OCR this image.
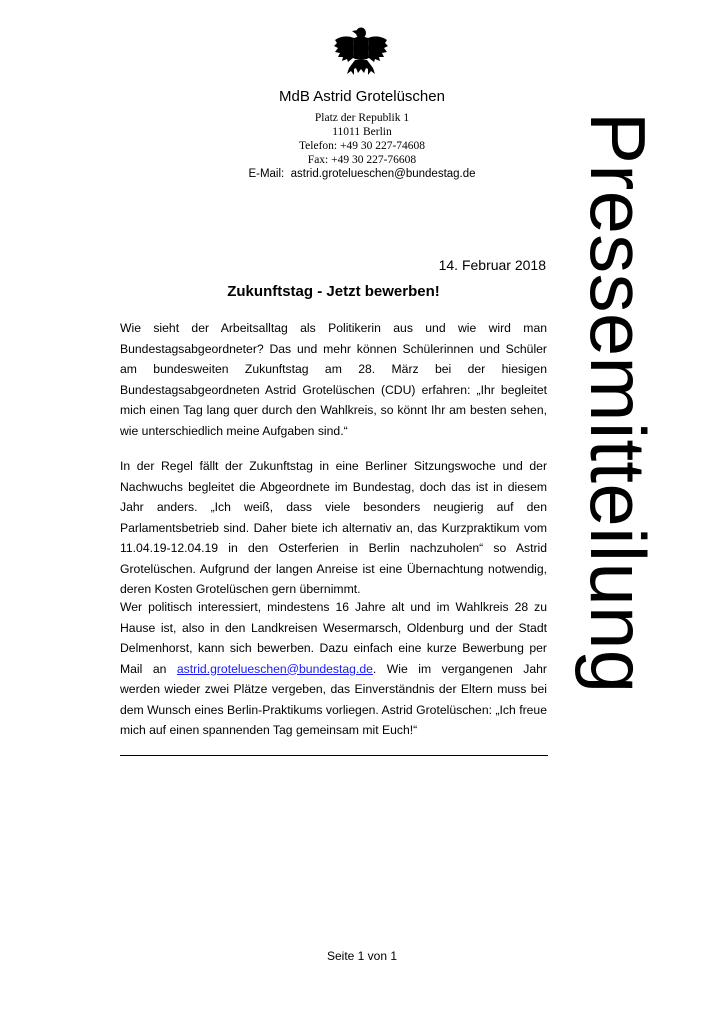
MdB Astrid Grotelüschen
Platz der Republik 1
11011 Berlin
Telefon: +49 30 227-74608
Fax: +49 30 227-76608
E-Mail: astrid.grotelueschen@bundestag.de	Pressemitteilung
14. Februar 2018
Zukunftstag - Jetzt bewerben!

Wie sieht der Arbeitsalltag als Politikerin aus und wie wird man Bundestagsabgeordneter? Das und mehr können Schülerinnen und Schüler am bundesweiten Zukunftstag am 28. März bei der hiesigen Bundestagsabgeordneten Astrid Grotelüschen (CDU) erfahren: „Ihr begleitet mich einen Tag lang quer durch den Wahlkreis, so könnt Ihr am besten sehen, wie unterschiedlich meine Aufgaben sind.“

In der Regel fällt der Zukunftstag in eine Berliner Sitzungswoche und der Nachwuchs begleitet die Abgeordnete im Bundestag, doch das ist in diesem Jahr anders. „Ich weiß, dass viele besonders neugierig auf den Parlamentsbetrieb sind. Daher biete ich alternativ an, das Kurzpraktikum vom 11.04.19-12.04.19 in den Osterferien in Berlin nachzuholen“ so Astrid Grotelüschen. Aufgrund der langen Anreise ist eine Übernachtung notwendig, deren Kosten Grotelüschen gern übernimmt.

Wer politisch interessiert, mindestens 16 Jahre alt und im Wahlkreis 28 zu Hause ist, also in den Landkreisen Wesermarsch, Oldenburg und der Stadt Delmenhorst, kann sich bewerben. Dazu einfach eine kurze Bewerbung per Mail an astrid.grotelueschen@bundestag.de. Wie im vergangenen Jahr werden wieder zwei Plätze vergeben, das Einverständnis der Eltern muss bei dem Wunsch eines Berlin-Praktikums vorliegen. Astrid Grotelüschen: „Ich freue mich auf einen spannenden Tag gemeinsam mit Euch!“

Seite 1 von 1
